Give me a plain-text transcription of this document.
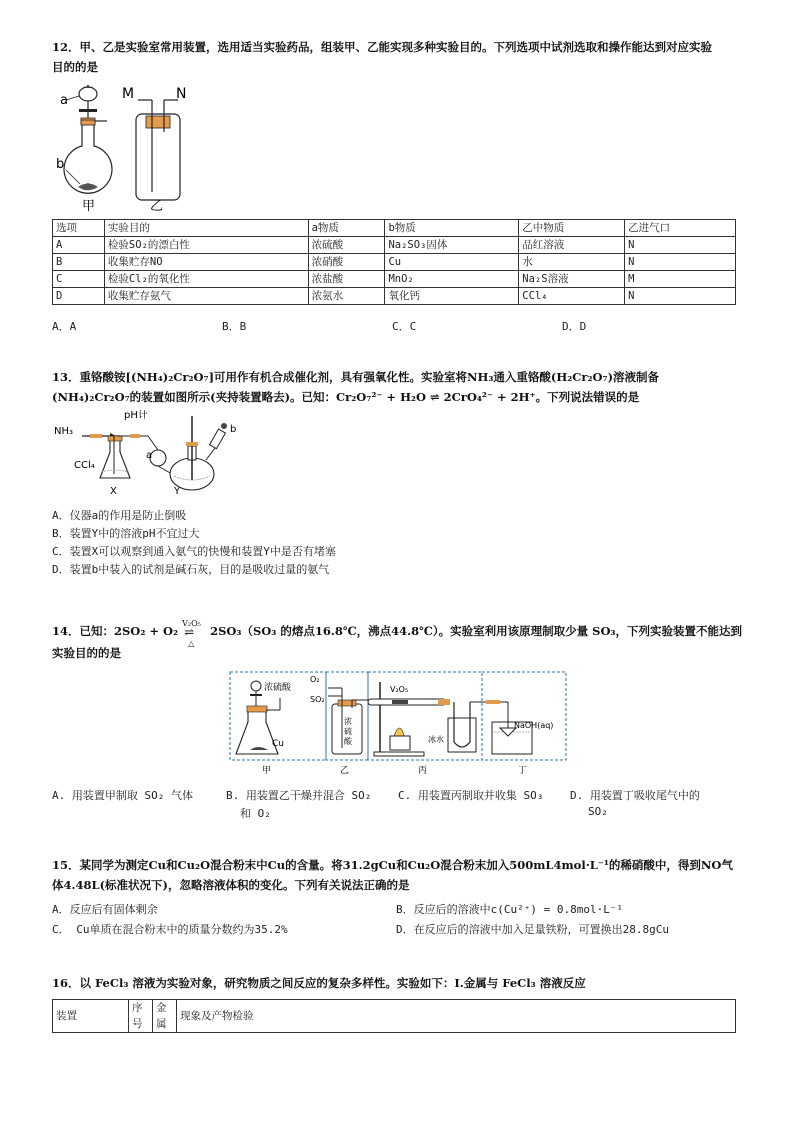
12．甲、乙是实验室常用装置，选用适当实验药品，组装甲、乙能实现多种实验目的。下列选项中试剂选取和操作能达到对应实验
目的的是
a
b
M	N
甲	乙
选项	实验目的	a物质	b物质	乙中物质	乙进气口
A	检验SO₂的漂白性	浓硫酸	Na₂SO₃固体	品红溶液	N
B	收集贮存NO	浓硝酸	Cu	水	N
C	检验Cl₂的氧化性	浓盐酸	MnO₂	Na₂S溶液	M
D	收集贮存氨气	浓氨水	氧化钙	CCl₄	N
A．A	B．B	C．C	D．D
13．重铬酸铵[(NH₄)₂Cr₂O₇]可用作有机合成催化剂，具有强氧化性。实验室将NH₃通入重铬酸(H₂Cr₂O₇)溶液制备
(NH₄)₂Cr₂O₇的装置如图所示(夹持装置略去)。已知：Cr₂O₇²⁻ + H₂O ⇌ 2CrO₄²⁻ + 2H⁺。下列说法错误的是
pH计
NH₃
CCl₄
a
b
X	Y
A．仪器a的作用是防止倒吸
B．装置Y中的溶液pH不宜过大
C．装置X可以观察到通入氨气的快慢和装置Y中是否有堵塞
D．装置b中装入的试剂是碱石灰，目的是吸收过量的氨气
14．已知：2SO₂ + O₂
V₂O₅
⇌
△
2SO₃（SO₃ 的熔点16.8℃，沸点44.8℃）。实验室利用该原理制取少量 SO₃，下列实验装置不能达到
实验目的的是
浓硫酸
Cu
O₂
SO₂
浓
硫
酸
V₂O₅
冰水
NaOH(aq)
甲	乙	丙	丁
A. 用装置甲制取 SO₂ 气体	B. 用装置乙干燥并混合 SO₂
和 O₂
C. 用装置丙制取并收集 SO₃ D. 用装置丁吸收尾气中的
SO₂
15．某同学为测定Cu和Cu₂O混合粉末中Cu的含量。将31.2gCu和Cu₂O混合粉末加入500mL4mol·L⁻¹的稀硝酸中，得到NO气
体4.48L(标准状况下)，忽略溶液体积的变化。下列有关说法正确的是
A．反应后有固体剩余	B．反应后的溶液中c(Cu²⁺) = 0.8mol·L⁻¹
C． Cu单质在混合粉末中的质量分数约为35.2%	D．在反应后的溶液中加入足量铁粉，可置换出28.8gCu
16．以 FeCl₃ 溶液为实验对象，研究物质之间反应的复杂多样性。实验如下：Ⅰ.金属与 FeCl₃ 溶液反应
装置	序号	金属	现象及产物检验
